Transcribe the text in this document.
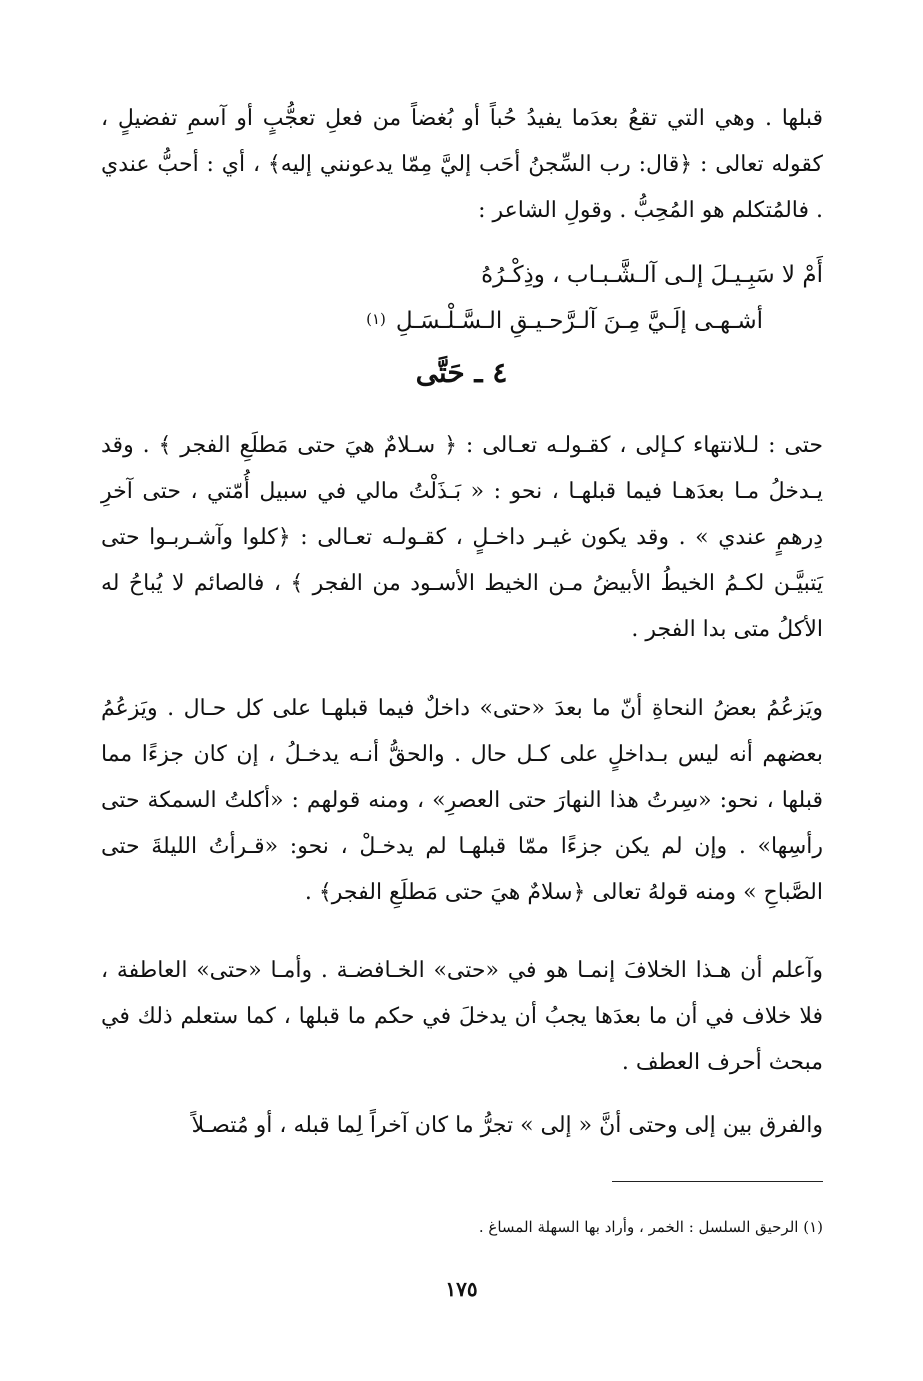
قبلها . وهي التي تقعُ بعدَما يفيدُ حُباً أو بُغضاً من فعلِ تعجُّبٍ أو آسمِ تفضيلٍ ، كقوله تعالى : ﴿قال: رب السِّجنُ أحَب إليَّ مِمّا يدعونني إليه﴾ ، أي : أحبُّ عندي . فالمُتكلم هو المُحِبُّ . وقولِ الشاعر :

أَمْ لا سَبِـيـلَ إلـى آلـشَّـبـاب ، وذِكْـرُهُ
أشـهـى إلَـيَّ مِـنَ آلـرَّحـيـقِ الـسَّـلْـسَـلِ(١)
٤ ـ حَتَّى

حتى : لـلانتهاء كـإلى ، كقـولـه تعـالى : ﴿ سـلامٌ هيَ حتى مَطلَعِ الفجر ﴾ . وقد يـدخلُ مـا بعدَهـا فيما قبلهـا ، نحو : « بَـذَلْتُ مالي في سبيل أُمّتي ، حتى آخرِ دِرهمٍ عندي » . وقد يكون غيـر داخـلٍ ، كقـولـه تعـالى : ﴿كلوا وآشـربـوا حتى يَتبيَّـن لكـمُ الخيطُ الأبيضُ مـن الخيط الأسـود من الفجر ﴾ ، فالصائم لا يُباحُ له الأكلُ متى بدا الفجر .

ويَزعُمُ بعضُ النحاةِ أنّ ما بعدَ «حتى» داخلٌ فيما قبلهـا على كل حـال . ويَزعُمُ بعضهم أنه ليس بـداخلٍ على كـل حال . والحقُّ أنـه يدخـلُ ، إن كان جزءًا مما قبلها ، نحو: «سِرتُ هذا النهارَ حتى العصرِ» ، ومنه قولهم : «أكلتُ السمكة حتى رأسِها» . وإن لم يكن جزءًا ممّا قبلهـا لم يدخـلْ ، نحو: «قـرأتُ الليلةَ حتى الصَّباحِ » ومنه قولهُ تعالى ﴿سلامٌ هيَ حتى مَطلَعِ الفجر﴾ .

وآعلم أن هـذا الخلافَ إنمـا هو في «حتى» الخـافضـة . وأمـا «حتى» العاطفة ، فلا خلاف في أن ما بعدَها يجبُ أن يدخلَ في حكم ما قبلها ، كما ستعلم ذلك في مبحث أحرف العطف .

والفرق بين إلى وحتى أنَّ « إلى » تجرُّ ما كان آخراً لِما قبله ، أو مُتصـلاً

(١) الرحيق السلسل : الخمر ، وأراد بها السهلة المساغ .
١٧٥
